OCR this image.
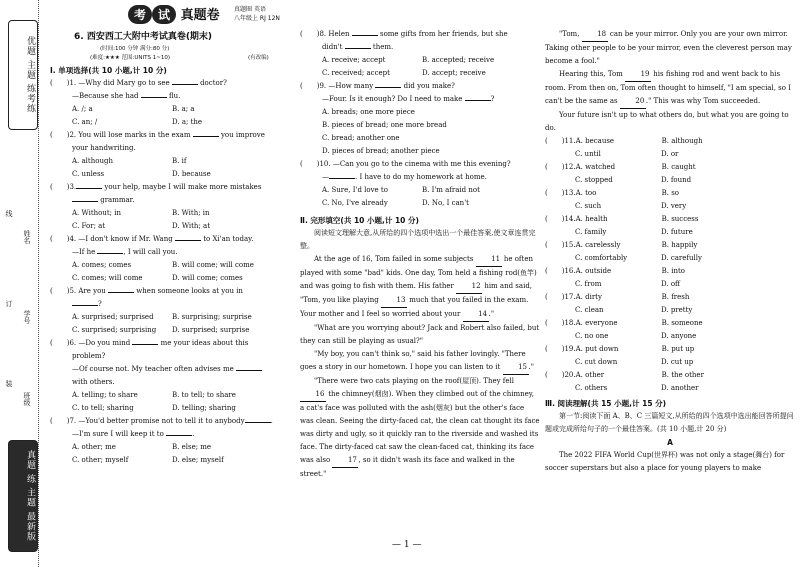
优题 主题 练考练
姓名
学号
班级
线
订
装
真题 练 主题 最新版
考 试 真题卷	真题圈 英语
八年级上 RJ 12N
6. 西安西工大附中考试真卷(期末)
(时间:100 分钟 满分:80 分)
(难度:★★★ 范围:UNITS 1~10)	(有改编)
Ⅰ. 单项选择(共 10 小题,计 10 分)
( )1. —Why did Mary go to see	doctor?
—Because she had	flu.
A. /; a	B. a; a
C. an; /	D. a; the
( )2. You will lose marks in the exam	you improve
your handwriting.
A. although	B. if
C. unless	D. because
( )3.	your help, maybe I will make more mistakes
grammar.
A. Without; in	B. With; in
C. For; at	D. With; at
( )4. —I don't know if Mr. Wang	to Xi'an today.
—If he	, I will call you.
A. comes; comes	B. will come; will come
C. comes; will come	D. will come; comes
( )5. Are you	when someone looks at you in
?
A. surprised; surprised	B. surprising; surprise
C. surprised; surprising D. surprised; surprise
( )6. —Do you mind	me your ideas about this
problem?
—Of course not. My teacher often advises me
with others.
A. telling; to share	B. to tell; to share
C. to tell; sharing	D. telling; sharing
( )7. —You'd better promise not to tell it to anybody	.
—I'm sure I will keep it to	.
A. other; me	B. else; me
C. other; myself	D. else; myself
( )8. Helen	some gifts from her friends, but she
didn't	them.
A. receive; accept	B. accepted; receive
C. received; accept	D. accept; receive
( )9. —How many	did you make?
—Four. Is it enough? Do I need to make	?
A. breads; one more piece
B. pieces of bread; one more bread
C. bread; another one
D. pieces of bread; another piece
( )10. —Can you go to the cinema with me this evening?
—	. I have to do my homework at home.
A. Sure, I'd love to	B. I'm afraid not
C. No, I've already	D. No, I can't
Ⅱ. 完形填空(共 10 小题,计 10 分)
阅读短文理解大意,从所给的四个选项中选出一个最佳答案,使文章连贯完整。
At the age of 16, Tom failed in some subjects	11 he often played with some "bad" kids. One day, Tom held a fishing rod(鱼竿) and was going to fish with them. His father	12 him and said, "Tom, you like playing	13 much that you failed in the exam. Your mother and I feel so worried about your	14 ."
"What are you worrying about? Jack and Robert also failed, but they can still be playing as usual?"
"My boy, you can't think so," said his father lovingly. "There goes a story in our hometown. I hope you can listen to it	15 ."
"There were two cats playing on the roof(屋顶). They fell 16 the chimney(烟囱). When they climbed out of the chimney, a cat's face was polluted with the ash(烟灰) but the other's face was clean. Seeing the dirty-faced cat, the clean cat thought its face was dirty and ugly, so it quickly ran to the riverside and washed its face. The dirty-faced cat saw the clean-faced cat, thinking its face was also	17 , so it didn't wash its face and walked in the street."
"Tom,	18 can be your mirror. Only you are your own mirror. Taking other people to be your mirror, even the cleverest person may become a fool."
Hearing this, Tom	19 his fishing rod and went back to his room. From then on, Tom often thought to himself, "I am special, so I can't be the same as	20 ." This was why Tom succeeded.
Your future isn't up to what others do, but what you are going to do.
( )11.A. because	B. although
C. until	D. or
( )12.A. watched	B. caught
C. stopped	D. found
( )13.A. too	B. so
C. such	D. very
( )14.A. health	B. success
C. family	D. future
( )15.A. carelessly	B. happily
C. comfortably	D. carefully
( )16.A. outside	B. into
C. from	D. off
( )17.A. dirty	B. fresh
C. clean	D. pretty
( )18.A. everyone	B. someone
C. no one	D. anyone
( )19.A. put down	B. put up
C. cut down	D. cut up
( )20.A. other	B. the other
C. others	D. another
Ⅲ. 阅读理解(共 15 小题,计 15 分)
第一节:阅读下面 A、B、C 三篇短文,从所给的四个选项中选出能回答所提问题或完成所给句子的一个最佳答案。(共 10 小题,计 20 分)
A
The 2022 FIFA World Cup(世界杯) was not only a stage(舞台) for soccer superstars but also a place for young players to make
— 1 —
